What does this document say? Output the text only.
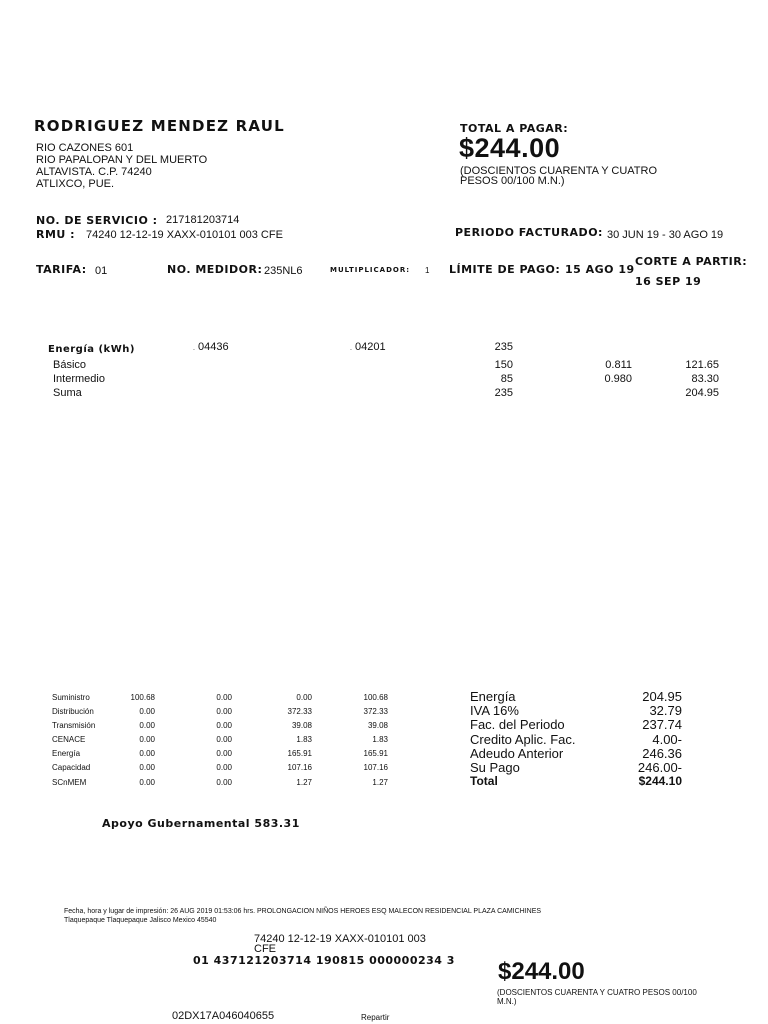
RODRIGUEZ MENDEZ RAUL
RIO CAZONES 601
RIO PAPALOPAN Y DEL MUERTO
ALTAVISTA. C.P. 74240
ATLIXCO, PUE.
TOTAL A PAGAR:
$244.00
(DOSCIENTOS CUARENTA Y CUATRO
PESOS 00/100 M.N.)
NO. DE SERVICIO : 217181203714
RMU : 74240 12-12-19 XAXX-010101 003 CFE	PERIODO FACTURADO: 30 JUN 19 - 30 AGO 19
TARIFA: 01	NO. MEDIDOR: 235NL6	MULTIPLICADOR: 1 LÍMITE DE PAGO: 15 AGO 19
CORTE A PARTIR:
16 SEP 19
Energía (kWh)	. 04436	. 04201	235
Básico	150	0.811	121.65
Intermedio	85	0.980	83.30
Suma	235	204.95
Suministro	100.68	0.00	0.00	100.68
Distribución	0.00	0.00	372.33	372.33
Transmisión	0.00	0.00	39.08	39.08
CENACE	0.00	0.00	1.83	1.83
Energía	0.00	0.00	165.91	165.91
Capacidad	0.00	0.00	107.16	107.16
SCnMEM	0.00	0.00	1.27	1.27
Energía	204.95
IVA 16%	32.79
Fac. del Periodo	237.74
Credito Aplic. Fac.	4.00-
Adeudo Anterior	246.36
Su Pago	246.00-
Total	$244.10
Apoyo Gubernamental 583.31
Fecha, hora y lugar de impresión: 26 AUG 2019 01:53:06 hrs. PROLONGACION NIÑOS HEROES ESQ MALECON RESIDENCIAL PLAZA CAMICHINES
Tlaquepaque Tlaquepaque Jalisco Mexico 45540
74240 12-12-19 XAXX-010101 003
CFE
01 437121203714 190815 000000234 3 $244.00
(DOSCIENTOS CUARENTA Y CUATRO PESOS 00/100
M.N.)
02DX17A046040655	Repartir
